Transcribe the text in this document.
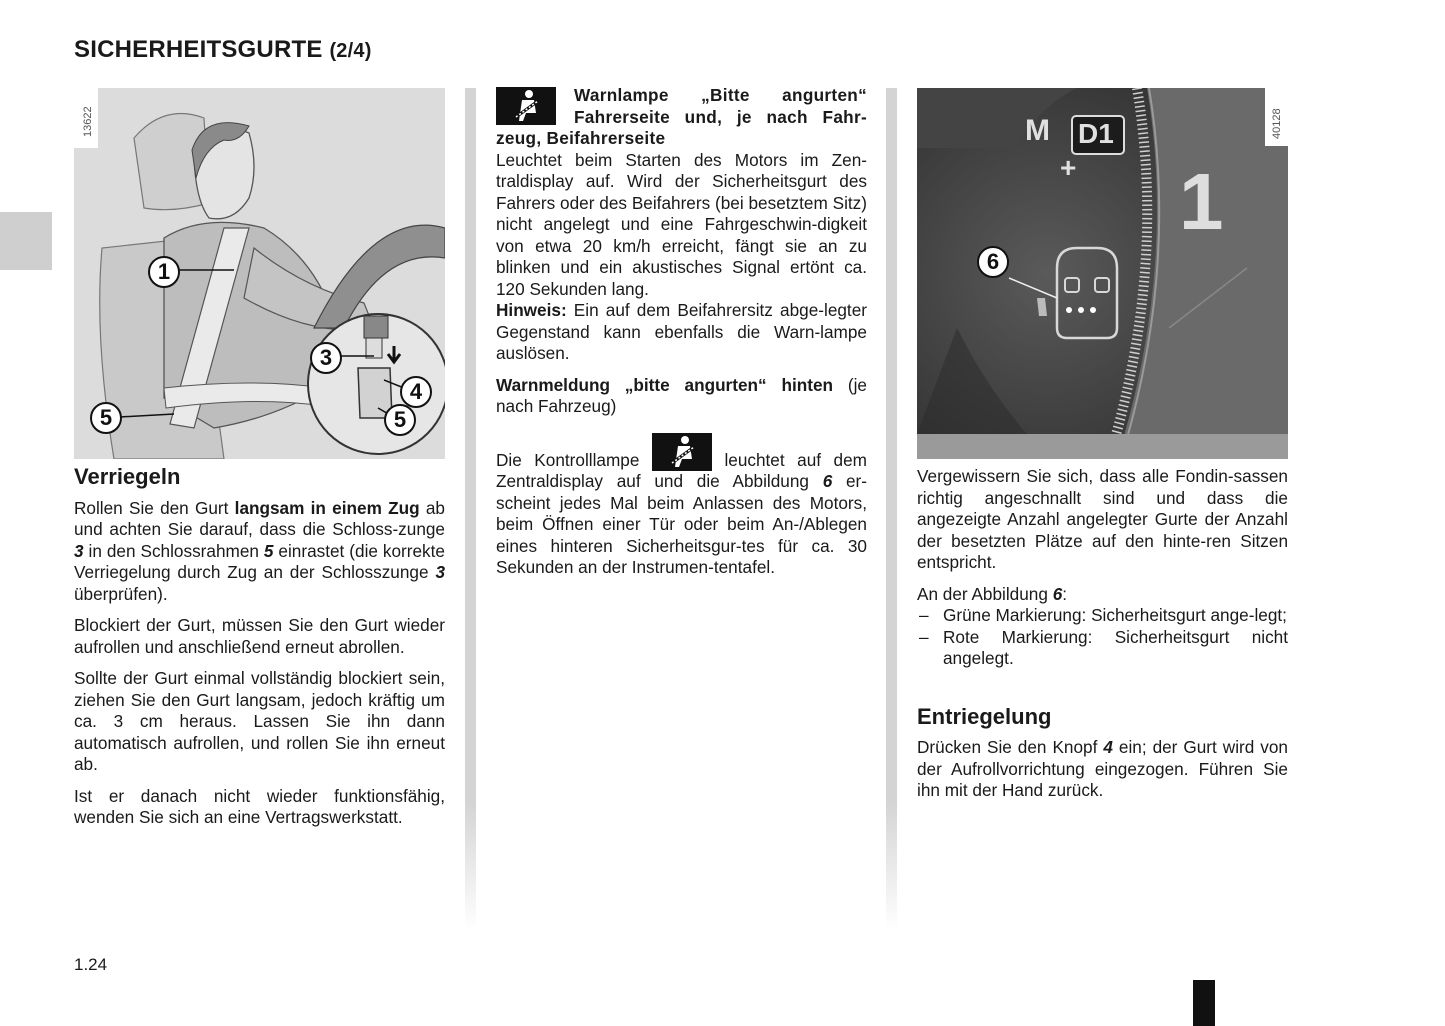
SICHERHEITSGURTE (2/4)
13622
1
3
4
5	5
Verriegeln

Rollen Sie den Gurt langsam in einem Zug ab und achten Sie darauf, dass die Schloss-zunge 3 in den Schlossrahmen 5 einrastet (die korrekte Verriegelung durch Zug an der Schlosszunge 3 überprüfen).

Blockiert der Gurt, müssen Sie den Gurt wieder aufrollen und anschließend erneut abrollen.

Sollte der Gurt einmal vollständig blockiert sein, ziehen Sie den Gurt langsam, jedoch kräftig um ca. 3 cm heraus. Lassen Sie ihn dann automatisch aufrollen, und rollen Sie ihn erneut ab.

Ist er danach nicht wieder funktionsfähig, wenden Sie sich an eine Vertragswerkstatt.

Warnlampe „Bitte angurten“ Fahrerseite und, je nach Fahr-zeug, Beifahrerseite

Leuchtet beim Starten des Motors im Zen-traldisplay auf. Wird der Sicherheitsgurt des Fahrers oder des Beifahrers (bei besetztem Sitz) nicht angelegt und eine Fahrgeschwin-digkeit von etwa 20 km/h erreicht, fängt sie an zu blinken und ein akustisches Signal ertönt ca. 120 Sekunden lang.

Hinweis: Ein auf dem Beifahrersitz abge-legter Gegenstand kann ebenfalls die Warn-lampe auslösen.

Warnmeldung „bitte angurten“ hinten (je nach Fahrzeug)

Die Kontrolllampe	leuchtet auf dem Zentraldisplay auf und die Abbildung 6 er-scheint jedes Mal beim Anlassen des Motors, beim Öffnen einer Tür oder beim An-/Ablegen eines hinteren Sicherheitsgur-tes für ca. 30 Sekunden an der Instrumen-tentafel.

M D1
+ 1
40128
6

Vergewissern Sie sich, dass alle Fondin-sassen richtig angeschnallt sind und dass die angezeigte Anzahl angelegter Gurte der Anzahl der besetzten Plätze auf den hinte-ren Sitzen entspricht.

An der Abbildung 6:

– Grüne Markierung: Sicherheitsgurt ange-legt;
– Rote Markierung: Sicherheitsgurt nicht angelegt.
Entriegelung

Drücken Sie den Knopf 4 ein; der Gurt wird von der Aufrollvorrichtung eingezogen. Führen Sie ihn mit der Hand zurück.

1.24
